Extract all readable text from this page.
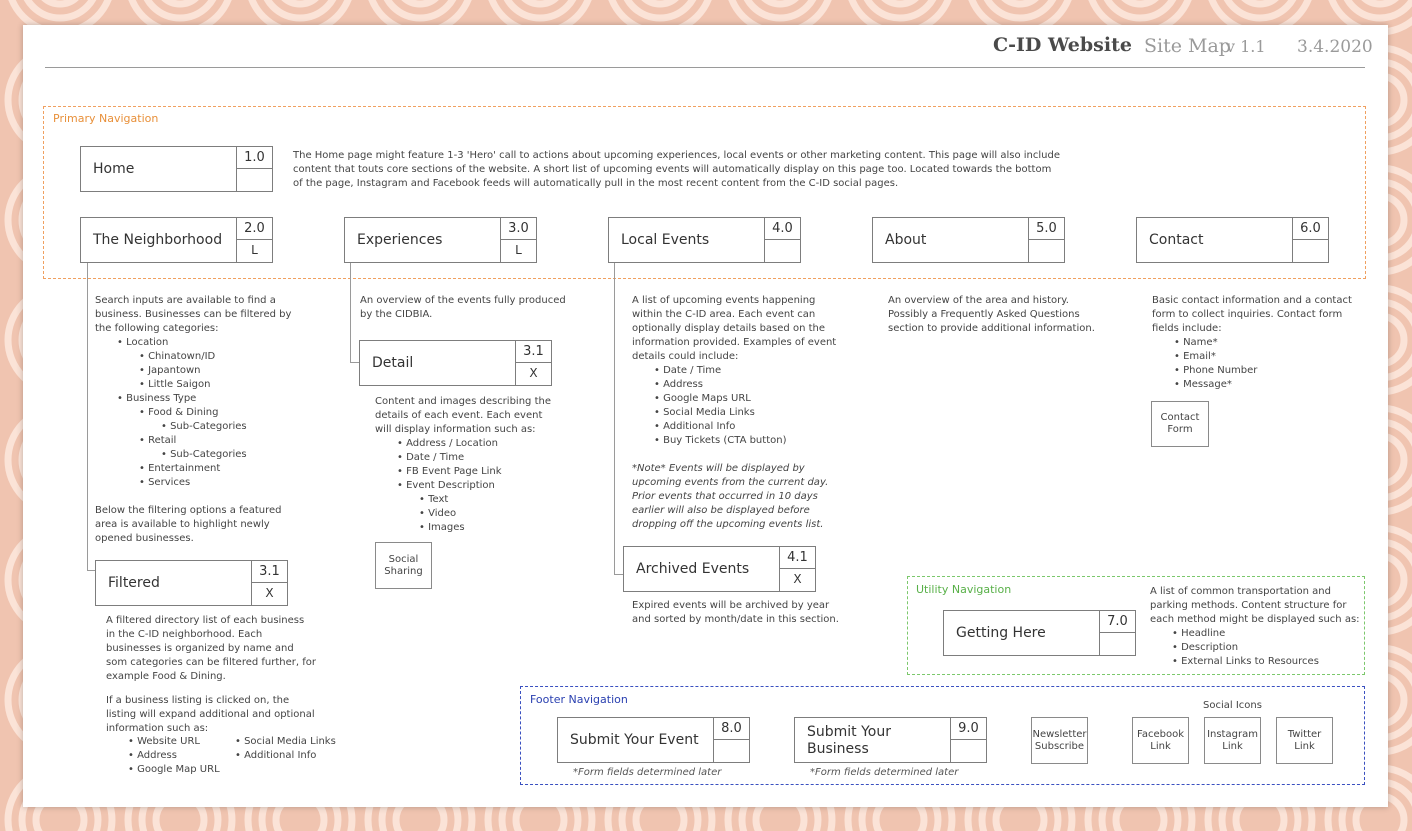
C-ID Website Site Map
v 1.1 3.4.2020
Primary Navigation
Utility Navigation
Footer Navigation
Home
1.0	The Home page might feature 1-3 'Hero' call to actions about upcoming experiences, local events or other marketing content. This page will also include content that touts core sections of the website. A short list of upcoming events will automatically display on this page too. Located towards the bottom of the page, Instagram and Facebook feeds will automatically pull in the most recent content from the C-ID social pages.
The Neighborhood
2.0
L
Experiences
3.0
L
Local Events
4.0
About
5.0
Contact
6.0

Search inputs are available to find a business. Businesses can be filtered by the following categories:

• Location
• Chinatown/ID
• Japantown
• Little Saigon
• Business Type
• Food & Dining
• Sub-Categories
• Retail
• Sub-Categories
• Entertainment
• Services

Below the filtering options a featured area is available to highlight newly opened businesses.

Filtered
3.1
X

A filtered directory list of each business in the C-ID neighborhood. Each businesses is organized by name and som categories can be filtered further, for example Food & Dining.

If a business listing is clicked on, the listing will expand additional and optional information such as:

• Website URL
• Address
• Google Map URL
• Social Media Links
• Additional Info
An overview of the events fully produced by the CIDBIA.
Detail
3.1
X

Content and images describing the details of each event. Each event will display information such as:

• Address / Location
• Date / Time
• FB Event Page Link
• Event Description
• Text
• Video
• Images
Social Sharing

A list of upcoming events happening within the C-ID area. Each event can optionally display details based on the information provided. Examples of event details could include:

• Date / Time
• Address
• Google Maps URL
• Social Media Links
• Additional Info
• Buy Tickets (CTA button)

*Note* Events will be displayed by upcoming events from the current day. Prior events that occurred in 10 days earlier will also be displayed before dropping off the upcoming events list.

Archived Events
4.1
X
Expired events will be archived by year and sorted by month/date in this section.
An overview of the area and history. Possibly a Frequently Asked Questions section to provide additional information.

Basic contact information and a contact form to collect inquiries. Contact form fields include:

• Name*
• Email*
• Phone Number
• Message*
Contact Form
Getting Here
7.0

A list of common transportation and parking methods. Content structure for each method might be displayed such as:

• Headline
• Description
• External Links to Resources
Submit Your Event
8.0
*Form fields determined later
Submit Your Business
9.0
*Form fields determined later
Newsletter Subscribe
Social Icons
Facebook Link
Instagram Link
Twitter Link
